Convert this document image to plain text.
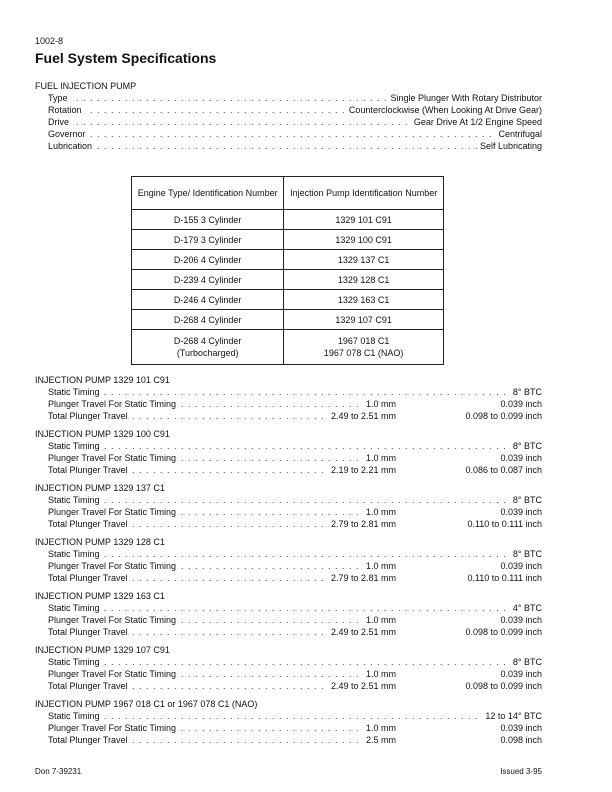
1002-8
Fuel System Specifications
FUEL INJECTION PUMP
. . .
Type	Single Plunger With Rotary Distributor
. . .
Rotation	Counterclockwise (When Looking At Drive Gear)
. . .
Drive	Gear Drive At 1/2 Engine Speed
. . .
Governor	Centrifugal
. . .
Lubrication	Self Lubricating
Engine Type/ Identification Number	Injection Pump Identification Number
D-155 3 Cylinder	1329 101 C91
D-179 3 Cylinder	1329 100 C91
D-206 4 Cylinder	1329 137 C1
D-239 4 Cylinder	1329 128 C1
D-246 4 Cylinder	1329 163 C1
D-268 4 Cylinder	1329 107 C91
D-268 4 Cylinder
(Turbocharged)	1967 018 C1
1967 078 C1 (NAO)
INJECTION PUMP 1329 101 C91
. . .
Static Timing	8° BTC
. . .
Plunger Travel For Static Timing	1.0 mm	0.039 inch
. . .
Total Plunger Travel	2.49 to 2.51 mm	0.098 to 0.099 inch
INJECTION PUMP 1329 100 C91
. . .
Static Timing	8° BTC
. . .
Plunger Travel For Static Timing	1.0 mm	0.039 inch
. . .
Total Plunger Travel	2.19 to 2.21 mm	0.086 to 0.087 inch
INJECTION PUMP 1329 137 C1
. . .
Static Timing	8° BTC
. . .
Plunger Travel For Static Timing	1.0 mm	0.039 inch
. . .
Total Plunger Travel	2.79 to 2.81 mm	0.110 to 0.111 inch
INJECTION PUMP 1329 128 C1
. . .
Static Timing	8° BTC
. . .
Plunger Travel For Static Timing	1.0 mm	0.039 inch
. . .
Total Plunger Travel	2.79 to 2.81 mm	0.110 to 0.111 inch
INJECTION PUMP 1329 163 C1
. . .
Static Timing	4° BTC
. . .
Plunger Travel For Static Timing	1.0 mm	0.039 inch
. . .
Total Plunger Travel	2.49 to 2.51 mm	0.098 to 0.099 inch
INJECTION PUMP 1329 107 C91
. . .
Static Timing	8° BTC
. . .
Plunger Travel For Static Timing	1.0 mm	0.039 inch
. . .
Total Plunger Travel	2.49 to 2.51 mm	0.098 to 0.099 inch
INJECTION PUMP 1967 018 C1 or 1967 078 C1 (NAO)
. . .
Static Timing	12 to 14° BTC
. . .
Plunger Travel For Static Timing	1.0 mm	0.039 inch
. . .
Total Plunger Travel	2.5 mm	0.098 inch
Don 7-39231	Issued 3-95
